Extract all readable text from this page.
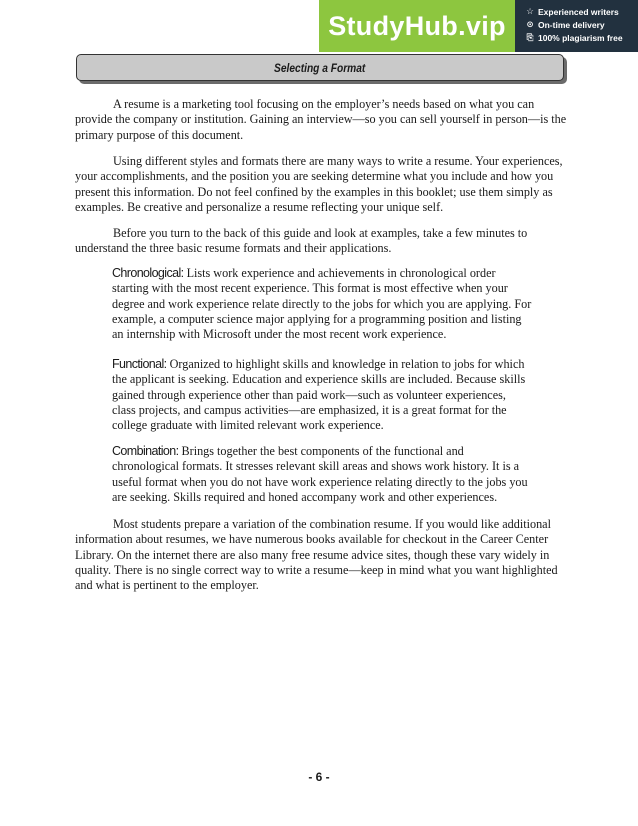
StudyHub.vip	☆ Experienced writers
⊙ On-time delivery
⎘ 100% plagiarism free
Selecting a Format

A resume is a marketing tool focusing on the employer’s needs based on what you can provide the company or institution. Gaining an interview—so you can sell yourself in person—is the primary purpose of this document.

Using different styles and formats there are many ways to write a resume. Your experiences, your accomplishments, and the position you are seeking determine what you include and how you present this information. Do not feel confined by the examples in this booklet; use them simply as examples. Be creative and personalize a resume reflecting your unique self.

Before you turn to the back of this guide and look at examples, take a few minutes to understand the three basic resume formats and their applications.

Chronological: Lists work experience and achievements in chronological order starting with the most recent experience. This format is most effective when your degree and work experience relate directly to the jobs for which you are applying. For example, a computer science major applying for a programming position and listing an internship with Microsoft under the most recent work experience.

Functional: Organized to highlight skills and knowledge in relation to jobs for which the applicant is seeking. Education and experience skills are included. Because skills gained through experience other than paid work—such as volunteer experiences, class projects, and campus activities—are emphasized, it is a great format for the college graduate with limited relevant work experience.

Combination: Brings together the best components of the functional and chronological formats. It stresses relevant skill areas and shows work history. It is a useful format when you do not have work experience relating directly to the jobs you are seeking. Skills required and honed accompany work and other experiences.

Most students prepare a variation of the combination resume. If you would like additional information about resumes, we have numerous books available for checkout in the Career Center Library. On the internet there are also many free resume advice sites, though these vary widely in quality. There is no single correct way to write a resume—keep in mind what you want highlighted and what is pertinent to the employer.

- 6 -
